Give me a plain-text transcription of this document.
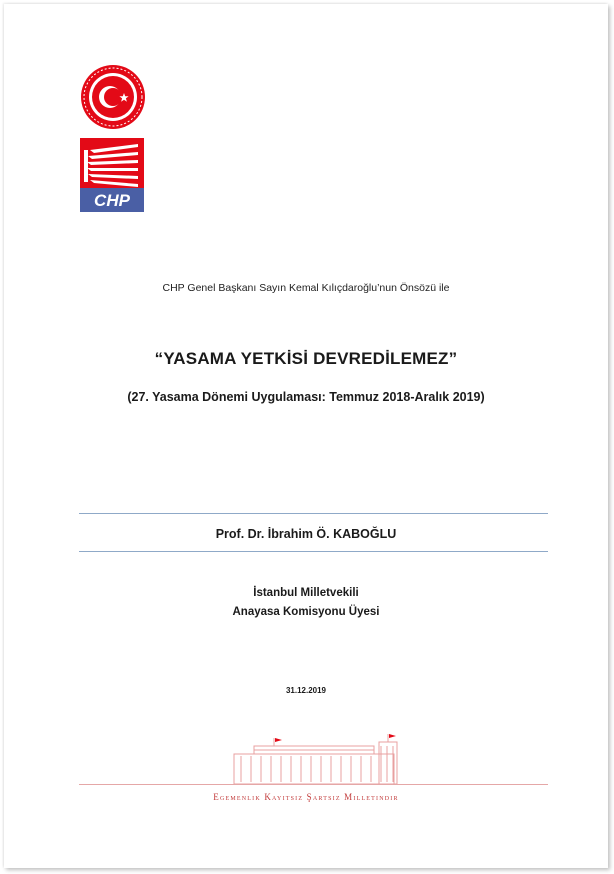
CHP
CHP Genel Başkanı Sayın Kemal Kılıçdaroğlu’nun Önsözü ile
“YASAMA YETKİSİ DEVREDİLEMEZ”
(27. Yasama Dönemi Uygulaması: Temmuz 2018-Aralık 2019)
Prof. Dr. İbrahim Ö. KABOĞLU
İstanbul Milletvekili
Anayasa Komisyonu Üyesi
31.12.2019
Egemenlik Kayıtsız Şartsız Milletindir
